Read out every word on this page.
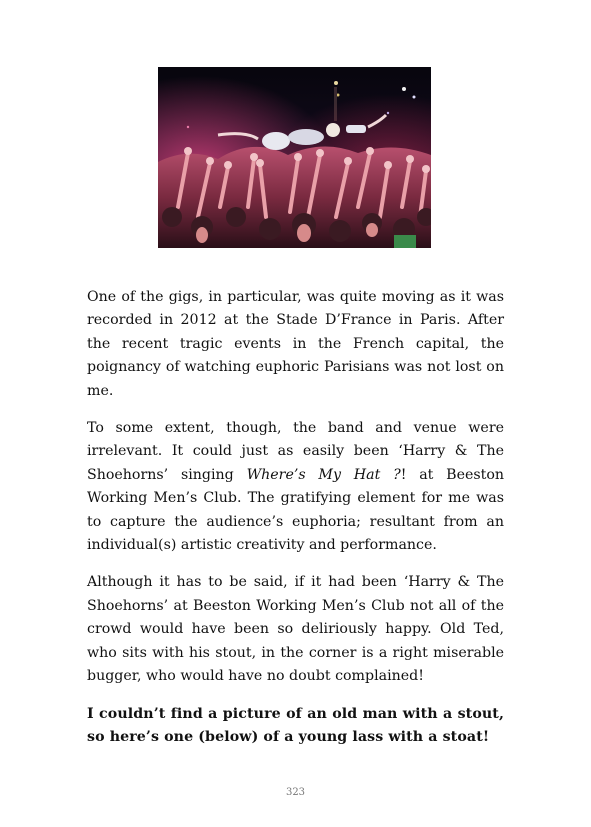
One of the gigs, in particular, was quite moving as it was recorded in 2012 at the Stade D’France in Paris. After the recent tragic events in the French capital, the poignancy of watching euphoric Parisians was not lost on me.

To some extent, though, the band and venue were irrelevant. It could just as easily been ‘Harry & The Shoehorns’ singing Where’s My Hat ?! at Beeston Working Men’s Club. The gratifying element for me was to capture the audience’s euphoria; resultant from an individual(s) artistic creativity and performance.

Although it has to be said, if it had been ‘Harry & The Shoehorns’ at Beeston Working Men’s Club not all of the crowd would have been so deliriously happy. Old Ted, who sits with his stout, in the corner is a right miserable bugger, who would have no doubt complained!

I couldn’t find a picture of an old man with a stout, so here’s one (below) of a young lass with a stoat!

323
